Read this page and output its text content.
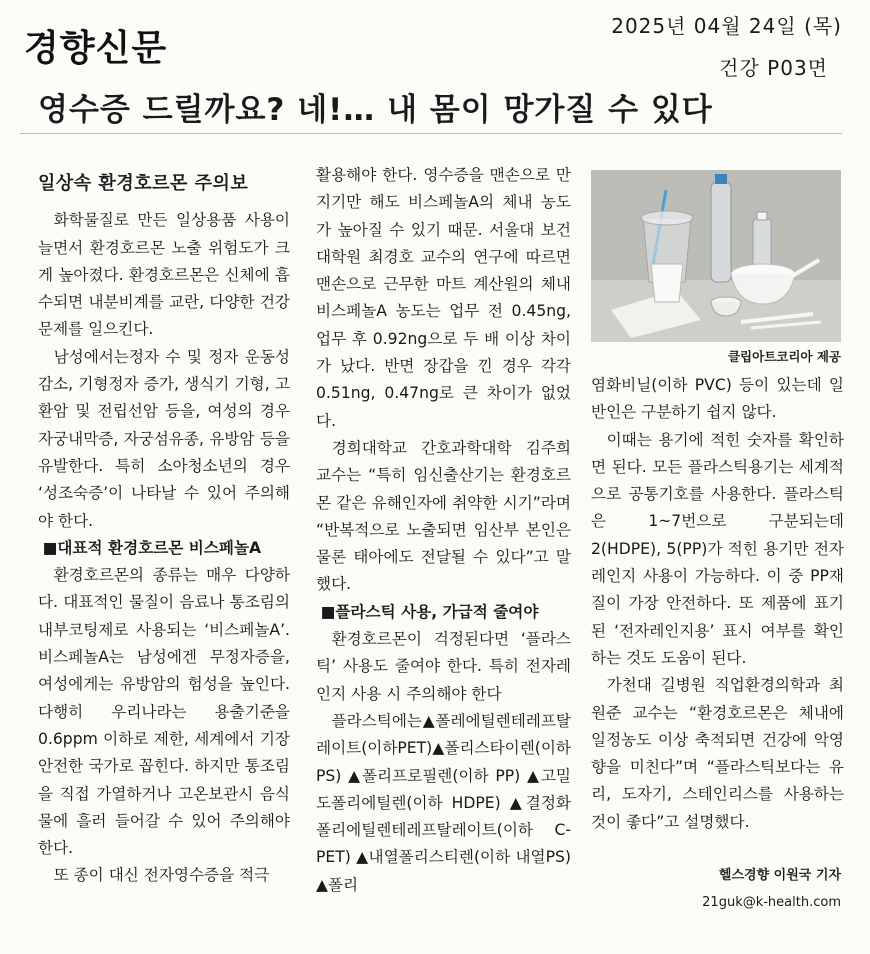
경향신문
2025년 04월 24일 (목)
건강 P03면
영수증 드릴까요? 네!… 내 몸이 망가질 수 있다

일상속 환경호르몬 주의보

화학물질로 만든 일상용품 사용이 늘면서 환경호르몬 노출 위험도가 크게 높아졌다. 환경호르몬은 신체에 흡수되면 내분비계를 교란, 다양한 건강문제를 일으킨다.

남성에서는정자 수 및 정자 운동성 감소, 기형정자 증가, 생식기 기형, 고환암 및 전립선암 등을, 여성의 경우 자궁내막증, 자궁섬유종, 유방암 등을 유발한다. 특히 소아청소년의 경우 ‘성조숙증’이 나타날 수 있어 주의해야 한다.

■대표적 환경호르몬 비스페놀A

환경호르몬의 종류는 매우 다양하다. 대표적인 물질이 음료나 통조림의 내부코팅제로 사용되는 ‘비스페놀A’. 비스페놀A는 남성에겐 무정자증을, 여성에게는 유방암의 험성을 높인다. 다행히 우리나라는 용출기준을 0.6ppm 이하로 제한, 세계에서 기장 안전한 국가로 꼽힌다. 하지만 통조림을 직접 가열하거나 고온보관시 음식물에 흘러 들어갈 수 있어 주의해야 한다.

또 종이 대신 전자영수증을 적극

활용해야 한다. 영수증을 맨손으로 만지기만 해도 비스페놀A의 체내 농도가 높아질 수 있기 때문. 서울대 보건대학원 최경호 교수의 연구에 따르면 맨손으로 근무한 마트 계산원의 체내 비스페놀A 농도는 업무 전 0.45ng, 업무 후 0.92ng으로 두 배 이상 차이가 났다. 반면 장갑을 낀 경우 각각 0.51ng, 0.47ng로 큰 차이가 없었다.

경희대학교 간호과학대학 김주희 교수는 “특히 임신출산기는 환경호르몬 같은 유해인자에 취약한 시기”라며 “반복적으로 노출되면 임산부 본인은 물론 태아에도 전달될 수 있다”고 말했다.

■플라스틱 사용, 가급적 줄여야

환경호르몬이 걱정된다면 ‘플라스틱’ 사용도 줄여야 한다. 특히 전자레인지 사용 시 주의해야 한다

플라스틱에는▲폴레에틸렌테레프탈레이트(이하PET)▲폴리스타이렌(이하 PS) ▲폴리프로필렌(이하 PP) ▲고밀도폴리에틸렌(이하 HDPE) ▲결정화폴리에틸렌테레프탈레이트(이하 C-PET) ▲내열폴리스티렌(이하 내열PS) ▲폴리

클립아트코리아 제공

염화비닐(이하 PVC) 등이 있는데 일반인은 구분하기 쉽지 않다.

이때는 용기에 적힌 숫자를 확인하면 된다. 모든 플라스틱용기는 세계적으로 공통기호를 사용한다. 플라스틱은 1~7번으로 구분되는데 2(HDPE), 5(PP)가 적힌 용기만 전자레인지 사용이 가능하다. 이 중 PP재질이 가장 안전하다. 또 제품에 표기된 ‘전자레인지용’ 표시 여부를 확인하는 것도 도움이 된다.

가천대 길병원 직업환경의학과 최원준 교수는 “환경호르몬은 체내에 일정농도 이상 축적되면 건강에 악영향을 미친다”며 “플라스틱보다는 유리, 도자기, 스테인리스를 사용하는 것이 좋다”고 설명했다.

헬스경향 이원국 기자
21guk@k-health.com
